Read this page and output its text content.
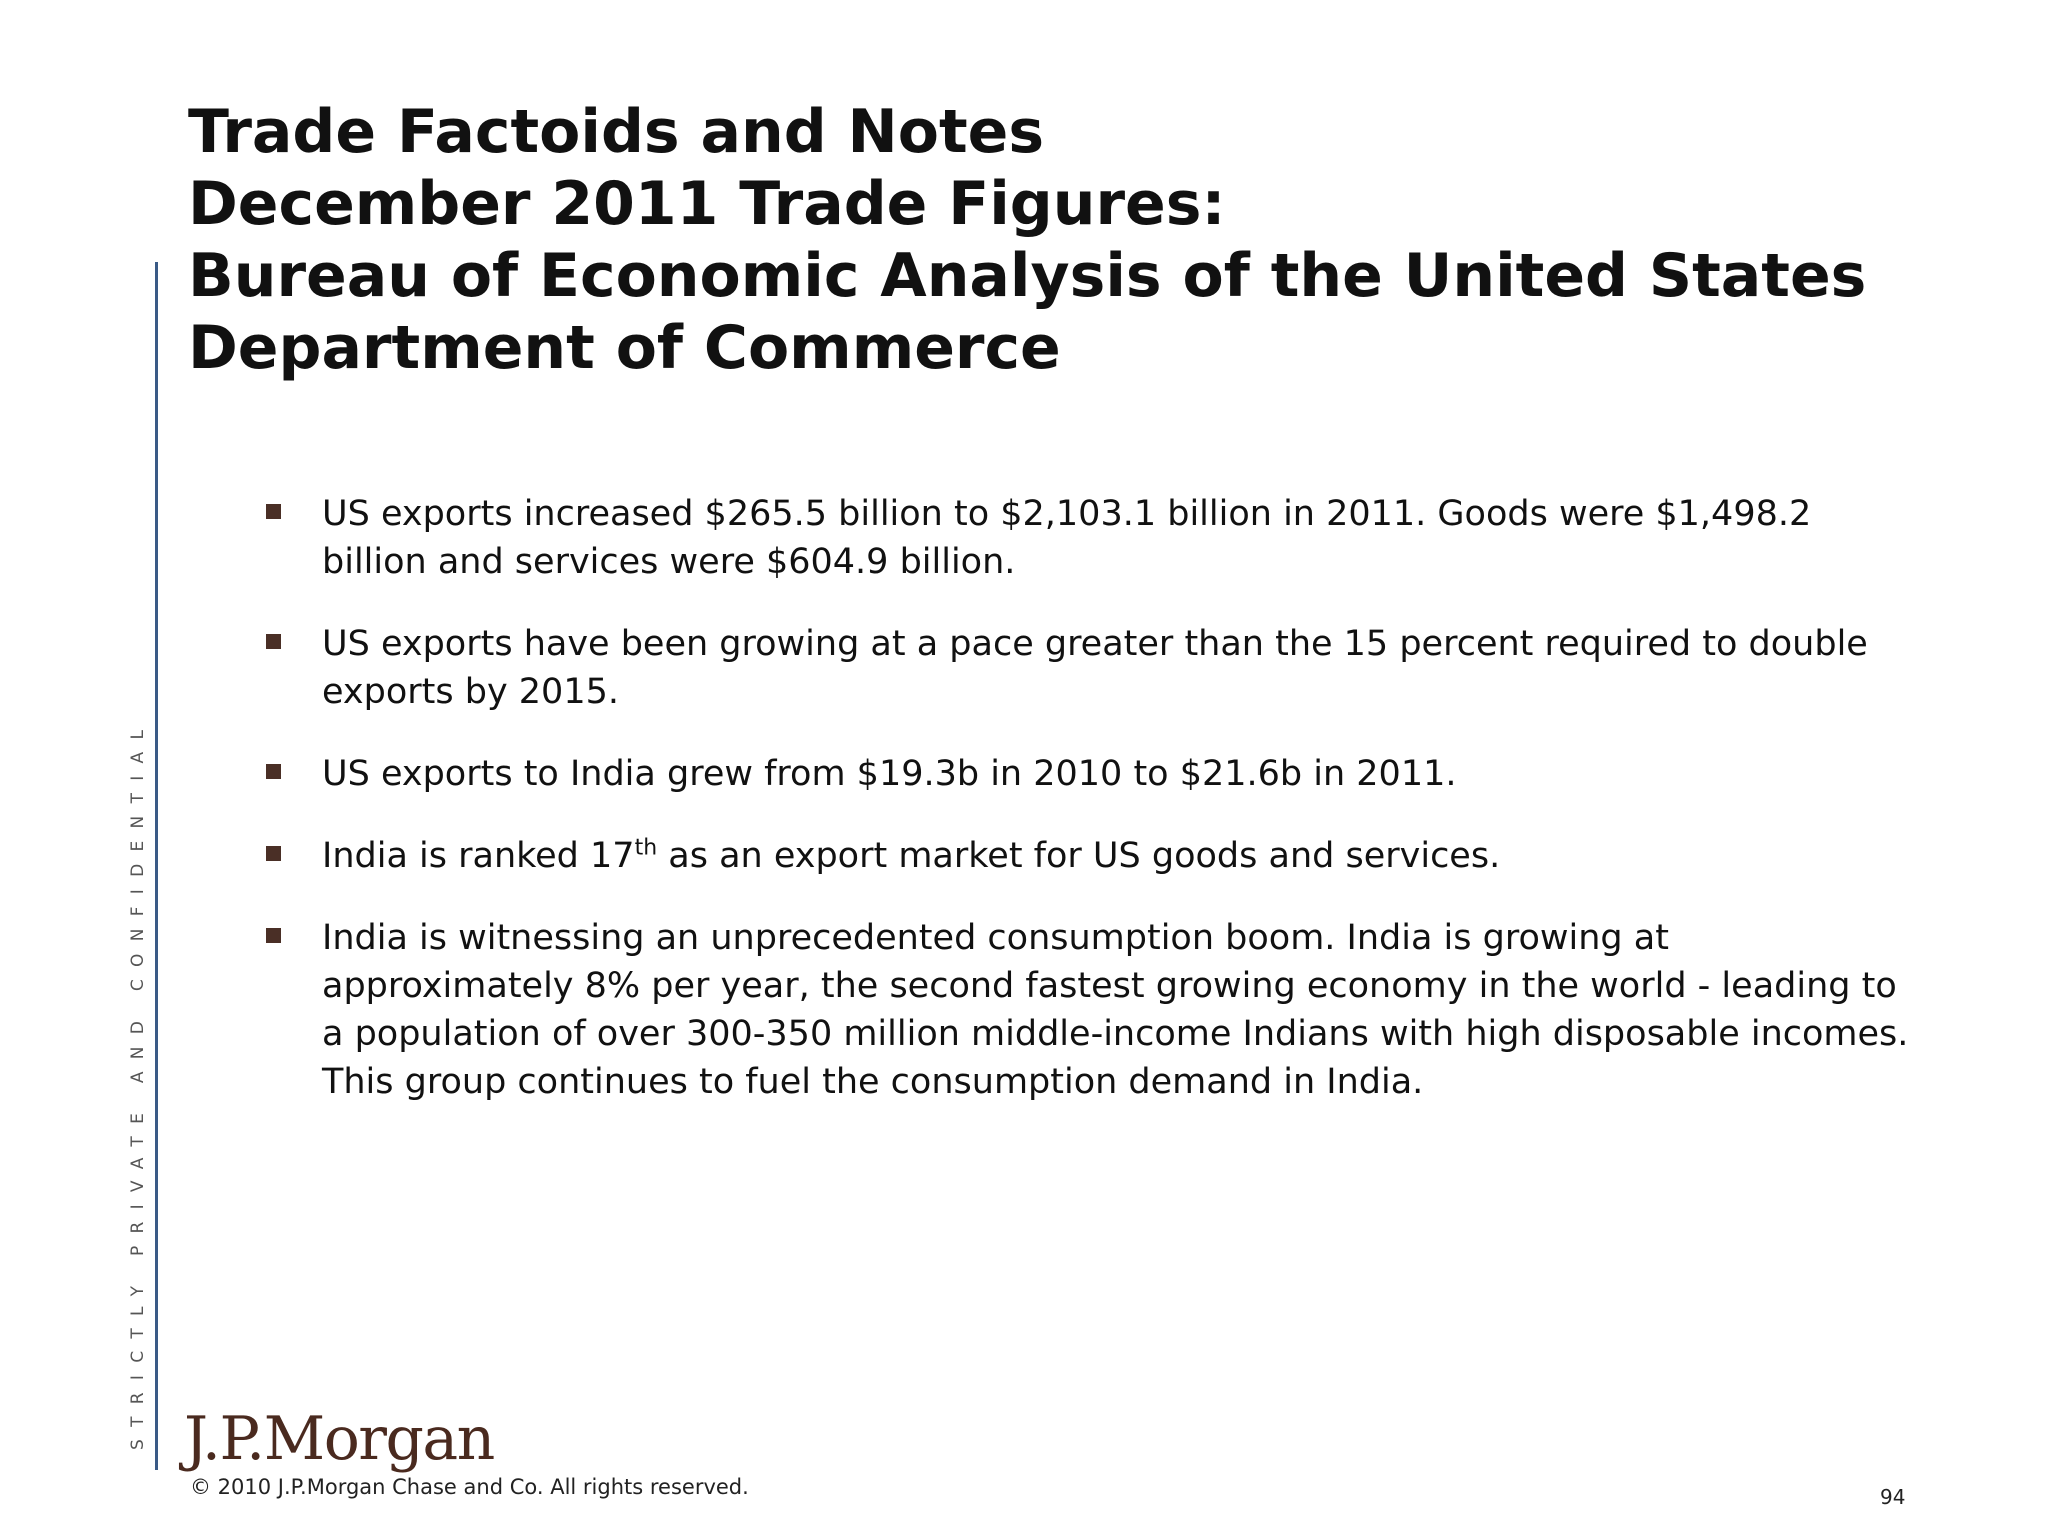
STRICTLY PRIVATE AND CONFIDENTIAL
Trade Factoids and Notes
December 2011 Trade Figures:
Bureau of Economic Analysis of the United States
Department of Commerce
US exports increased $265.5 billion to $2,103.1 billion in 2011. Goods were $1,498.2 billion and services were $604.9 billion.
US exports have been growing at a pace greater than the 15 percent required to double exports by 2015.
US exports to India grew from $19.3b in 2010 to $21.6b in 2011.
India is ranked 17th as an export market for US goods and services.
India is witnessing an unprecedented consumption boom. India is growing at approximately 8% per year, the second fastest growing economy in the world - leading to a population of over 300-350 million middle-income Indians with high disposable incomes. This group continues to fuel the consumption demand in India.
J.P.Morgan
© 2010 J.P.Morgan Chase and Co. All rights reserved.	94
